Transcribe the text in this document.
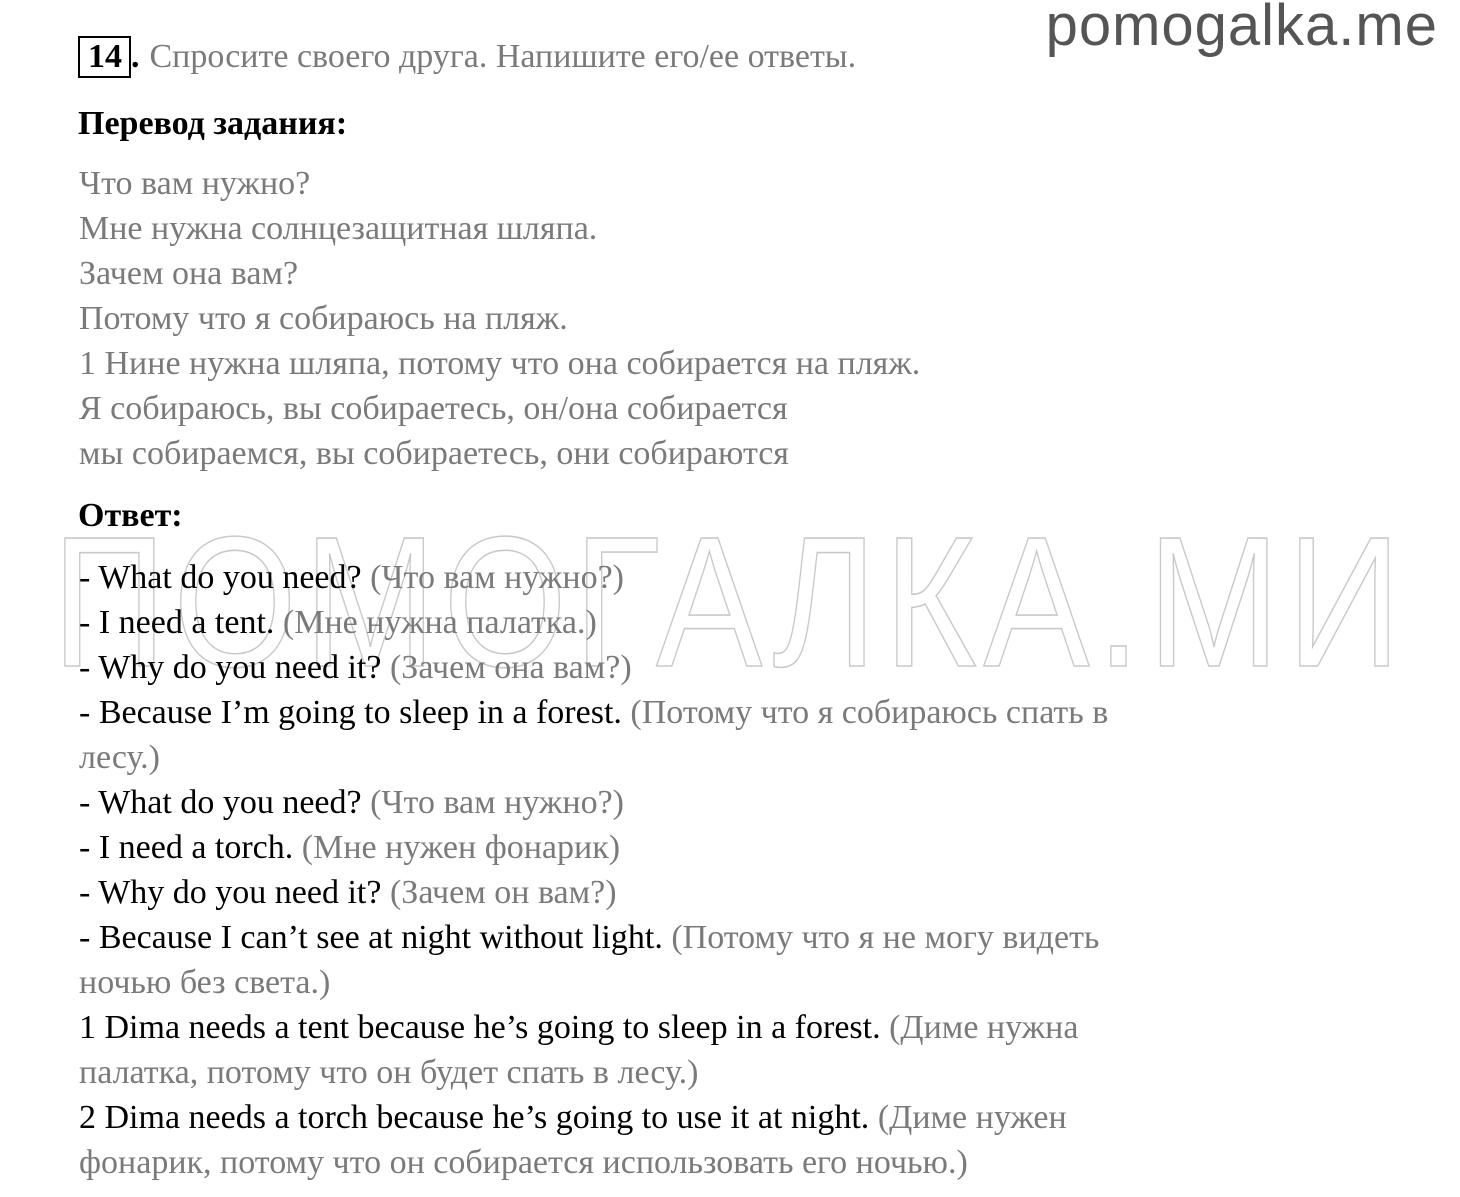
pomogalka.me
ПОМОГАЛКА.МИ
14 . Спросите своего друга. Напишите его/ее ответы.
Перевод задания:
Что вам нужно?
Мне нужна солнцезащитная шляпа.
Зачем она вам?
Потому что я собираюсь на пляж.
1 Нине нужна шляпа, потому что она собирается на пляж.
Я собираюсь, вы собираетесь, он/она собирается
мы собираемся, вы собираетесь, они собираются
Ответ:
- What do you need? (Что вам нужно?)
- I need a tent. (Мне нужна палатка.)
- Why do you need it? (Зачем она вам?)
- Because I’m going to sleep in a forest. (Потому что я собираюсь спать в
лесу.)
- What do you need? (Что вам нужно?)
- I need a torch. (Мне нужен фонарик)
- Why do you need it? (Зачем он вам?)
- Because I can’t see at night without light. (Потому что я не могу видеть
ночью без света.)
1 Dima needs a tent because he’s going to sleep in a forest. (Диме нужна
палатка, потому что он будет спать в лесу.)
2 Dima needs a torch because he’s going to use it at night. (Диме нужен
фонарик, потому что он собирается использовать его ночью.)
